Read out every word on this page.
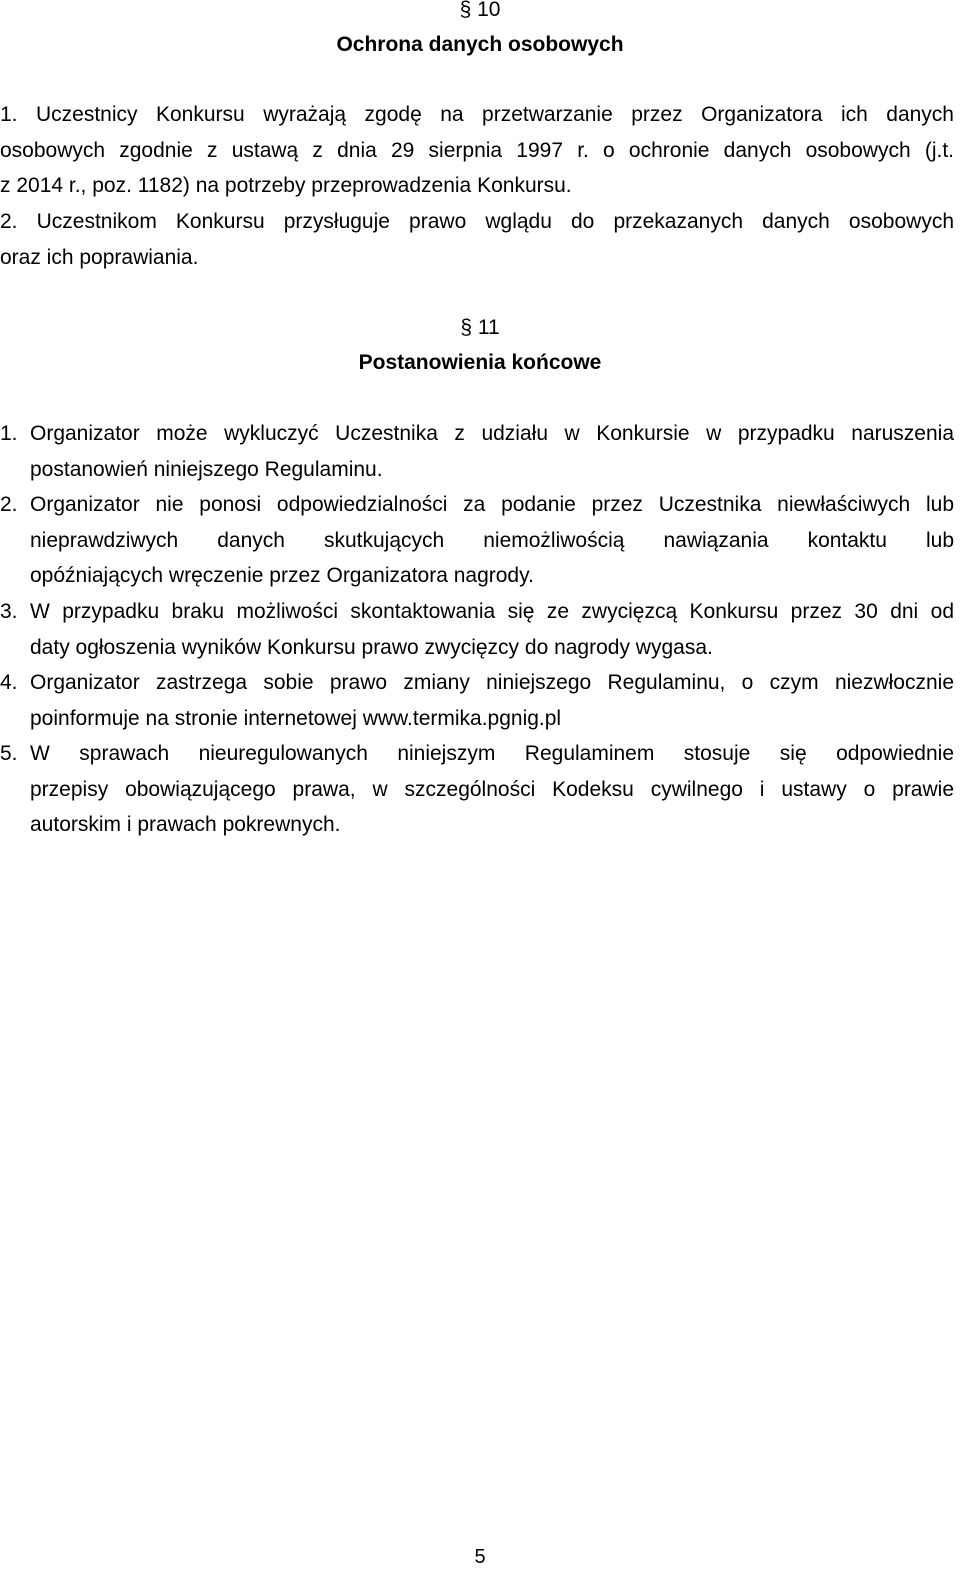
§ 10
Ochrona danych osobowych
1. Uczestnicy Konkursu wyrażają zgodę na przetwarzanie przez Organizatora ich danych
osobowych zgodnie z ustawą z dnia 29 sierpnia 1997 r. o ochronie danych osobowych (j.t.
z 2014 r., poz. 1182) na potrzeby przeprowadzenia Konkursu.
2. Uczestnikom Konkursu przysługuje prawo wglądu do przekazanych danych osobowych
oraz ich poprawiania.
§ 11
Postanowienia końcowe
1. Organizator może wykluczyć Uczestnika z udziału w Konkursie w przypadku naruszenia
postanowień niniejszego Regulaminu.
2. Organizator nie ponosi odpowiedzialności za podanie przez Uczestnika niewłaściwych lub
nieprawdziwych danych skutkujących niemożliwością nawiązania kontaktu lub
opóźniających wręczenie przez Organizatora nagrody.
3. W przypadku braku możliwości skontaktowania się ze zwycięzcą Konkursu przez 30 dni od
daty ogłoszenia wyników Konkursu prawo zwycięzcy do nagrody wygasa.
4. Organizator zastrzega sobie prawo zmiany niniejszego Regulaminu, o czym niezwłocznie
poinformuje na stronie internetowej www.termika.pgnig.pl
5. W sprawach nieuregulowanych niniejszym Regulaminem stosuje się odpowiednie
przepisy obowiązującego prawa, w szczególności Kodeksu cywilnego i ustawy o prawie
autorskim i prawach pokrewnych.
5
